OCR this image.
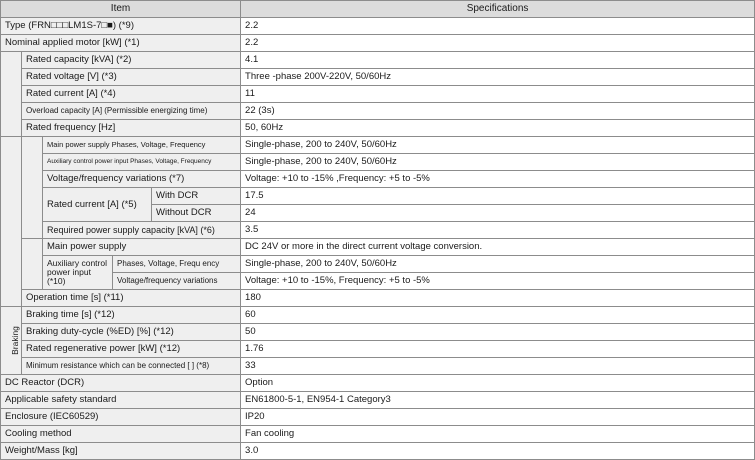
Item					Specifications
Type (FRN□□□LM1S-7□■) (*9)					2.2
Nominal applied motor [kW] (*1)					2.2
	Rated capacity [kVA] (*2)				4.1
	Rated voltage [V] (*3)				Three -phase 200V-220V, 50/60Hz
	Rated current [A] (*4)				11
	Overload capacity [A] (Permissible energizing time)				22 (3s)
	Rated frequency [Hz]				50, 60Hz
Input ratings		Main power supply Phases, Voltage, Frequency			Single-phase, 200 to 240V, 50/60Hz
		Auxiliary control power input Phases, Voltage, Frequency			Single-phase, 200 to 240V, 50/60Hz
		Voltage/frequency variations (*7)			Voltage: +10 to -15% ,Frequency: +5 to -5%
		Rated current [A] (*5)		With DCR	17.5
				Without DCR	24
		Required power supply capacity [kVA] (*6)			3.5
	Main power supply			DC 24V or more in the direct current voltage conversion.
		Auxiliary control power input (*10)	Phases, Voltage, Frequ ency		Single-phase, 200 to 240V, 50/60Hz
			Voltage/frequency variations		Voltage: +10 to -15%, Frequency: +5 to -5%
	Operation time [s] (*11)				180
Braking	Braking time [s] (*12)				60
	Braking duty-cycle (%ED) [%] (*12)				50
	Rated regenerative power [kW] (*12)				1.76
	Minimum resistance which can be connected [ ] (*8)				33
DC Reactor (DCR)					Option
Applicable safety standard					EN61800-5-1, EN954-1 Category3
Enclosure (IEC60529)					IP20
Cooling method					Fan cooling
Weight/Mass [kg]					3.0
